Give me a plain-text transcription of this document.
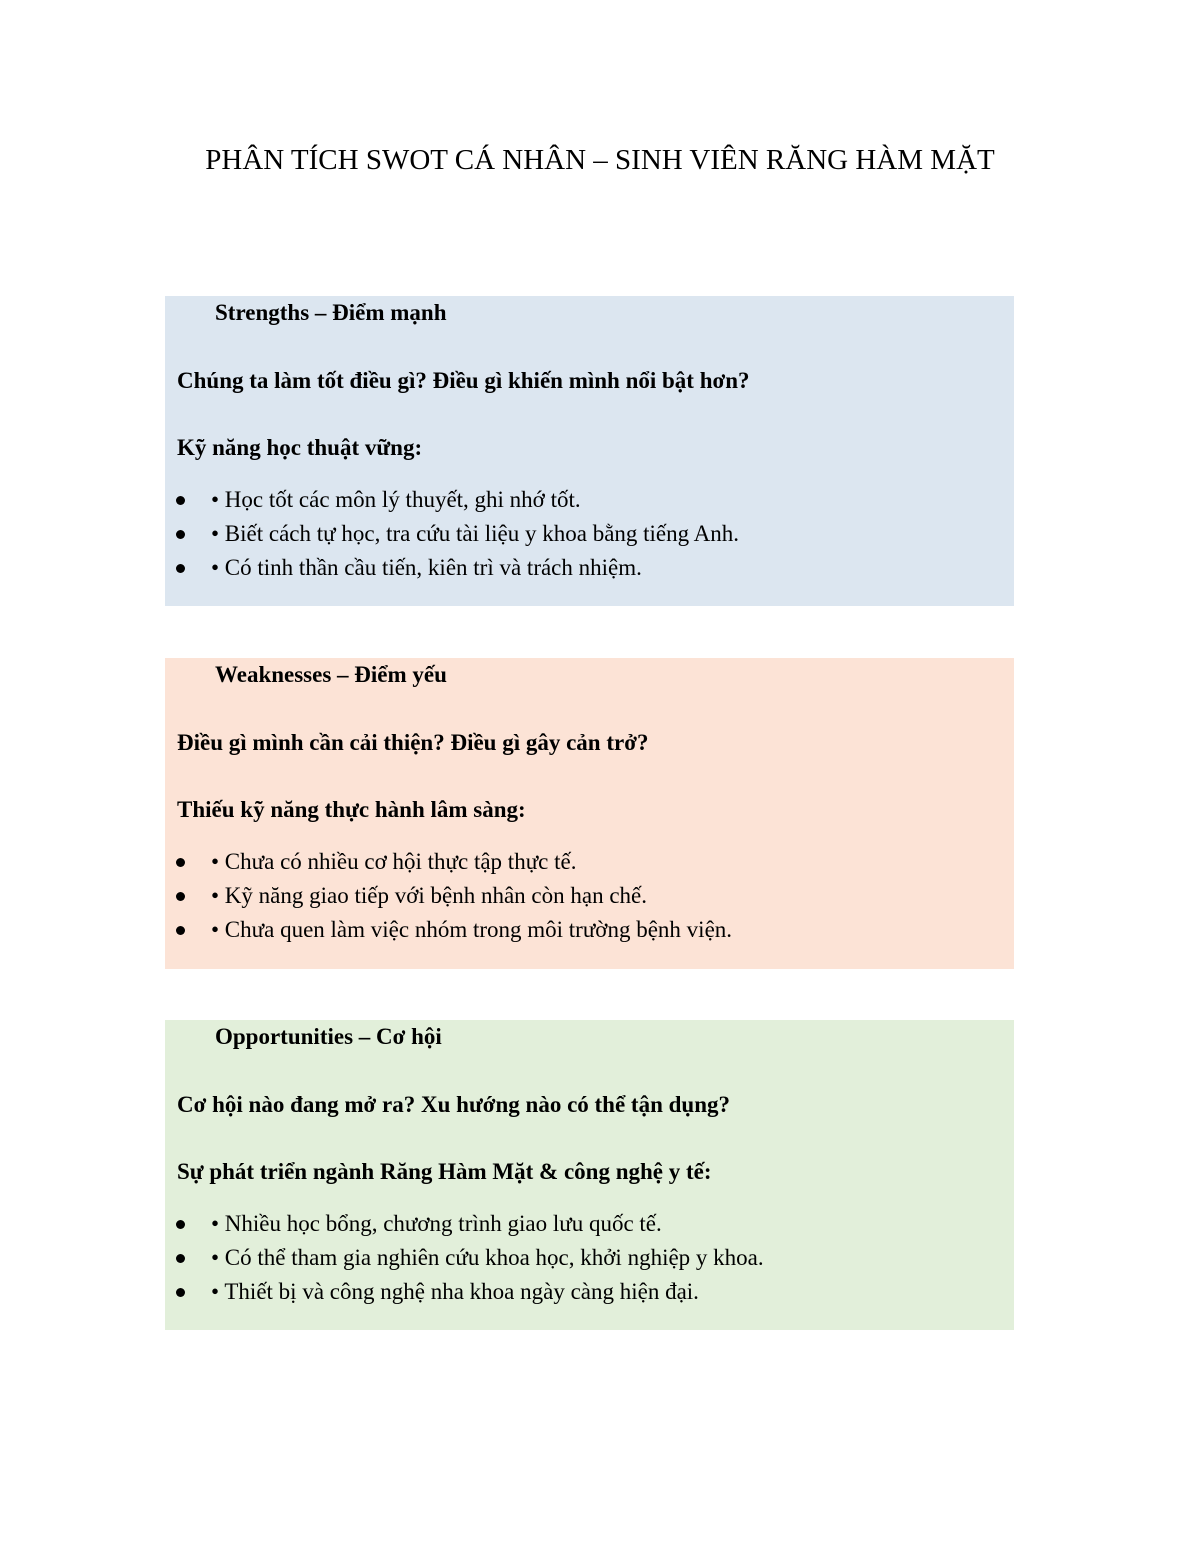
PHÂN TÍCH SWOT CÁ NHÂN – SINH VIÊN RĂNG HÀM MẶT
Strengths – Điểm mạnh
Chúng ta làm tốt điều gì? Điều gì khiến mình nổi bật hơn?
Kỹ năng học thuật vững:
• Học tốt các môn lý thuyết, ghi nhớ tốt.
• Biết cách tự học, tra cứu tài liệu y khoa bằng tiếng Anh.
• Có tinh thần cầu tiến, kiên trì và trách nhiệm.
Weaknesses – Điểm yếu
Điều gì mình cần cải thiện? Điều gì gây cản trở?
Thiếu kỹ năng thực hành lâm sàng:
• Chưa có nhiều cơ hội thực tập thực tế.
• Kỹ năng giao tiếp với bệnh nhân còn hạn chế.
• Chưa quen làm việc nhóm trong môi trường bệnh viện.
Opportunities – Cơ hội
Cơ hội nào đang mở ra? Xu hướng nào có thể tận dụng?
Sự phát triển ngành Răng Hàm Mặt & công nghệ y tế:
• Nhiều học bổng, chương trình giao lưu quốc tế.
• Có thể tham gia nghiên cứu khoa học, khởi nghiệp y khoa.
• Thiết bị và công nghệ nha khoa ngày càng hiện đại.
